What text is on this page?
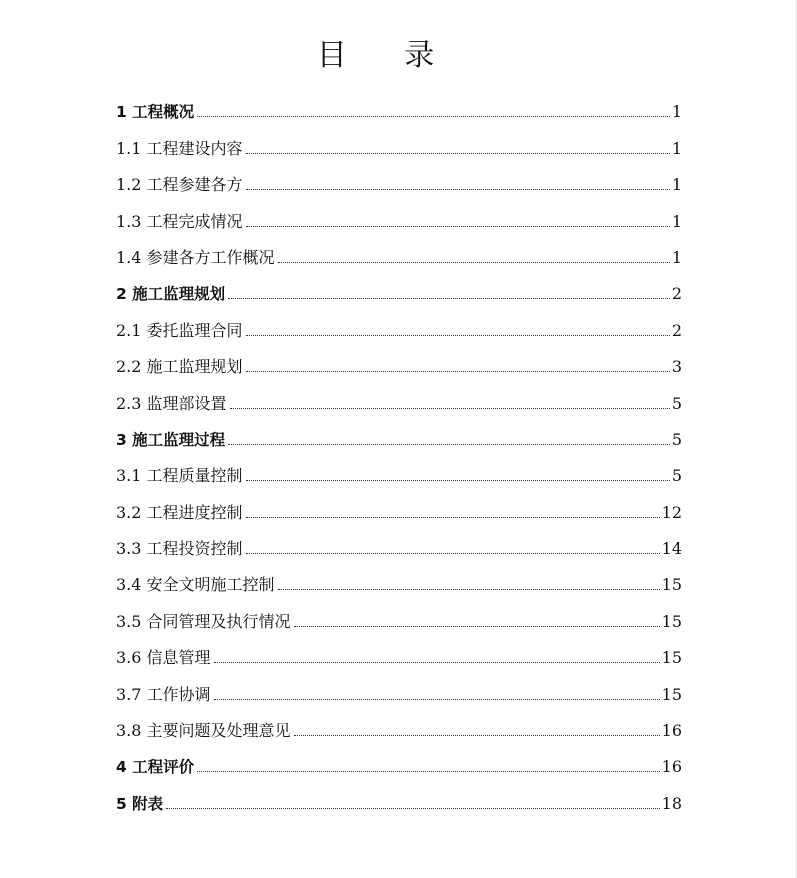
目 录
1 工程概况	1
1.1 工程建设内容	1
1.2 工程参建各方	1
1.3 工程完成情况	1
1.4 参建各方工作概况	1
2 施工监理规划	2
2.1 委托监理合同	2
2.2 施工监理规划	3
2.3 监理部设置	5
3 施工监理过程	5
3.1 工程质量控制	5
3.2 工程进度控制	12
3.3 工程投资控制	14
3.4 安全文明施工控制	15
3.5 合同管理及执行情况	15
3.6 信息管理	15
3.7 工作协调	15
3.8 主要问题及处理意见	16
4 工程评价	16
5 附表	18
